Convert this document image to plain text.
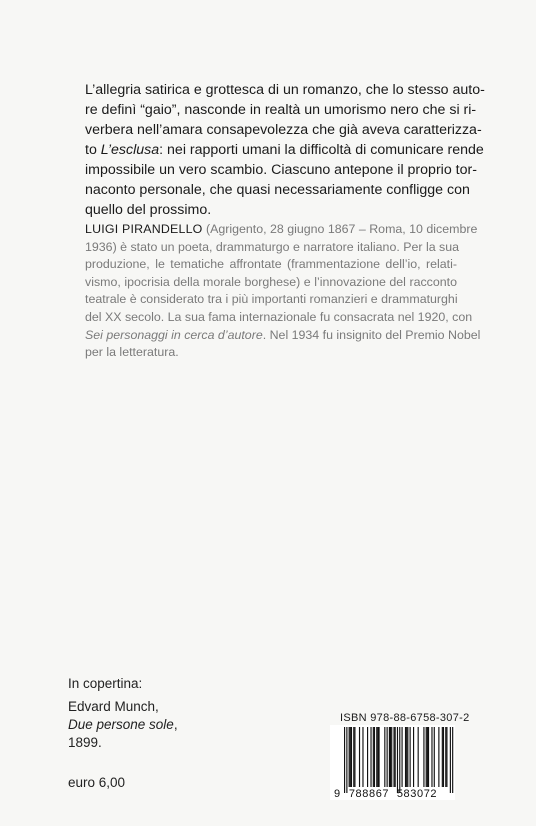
L’allegria satirica e grottesca di un romanzo, che lo stesso auto-
re definì “gaio”, nasconde in realtà un umorismo nero che si ri-
verbera nell’amara consapevolezza che già aveva caratterizza-
to L’esclusa: nei rapporti umani la difficoltà di comunicare rende
impossibile un vero scambio. Ciascuno antepone il proprio tor-
naconto personale, che quasi necessariamente confligge con
quello del prossimo.
LUIGI PIRANDELLO (Agrigento, 28 giugno 1867 – Roma, 10 dicembre
1936) è stato un poeta, drammaturgo e narratore italiano. Per la sua
produzione, le tematiche affrontate (frammentazione dell’io, relati-
vismo, ipocrisia della morale borghese) e l’innovazione del racconto
teatrale è considerato tra i più importanti romanzieri e drammaturghi
del XX secolo. La sua fama internazionale fu consacrata nel 1920, con
Sei personaggi in cerca d’autore. Nel 1934 fu insignito del Premio Nobel
per la letteratura.
In copertina:
Edvard Munch,
Due persone sole,
1899.
euro 6,00
ISBN 978-88-6758-307-2
9 788867 583072
